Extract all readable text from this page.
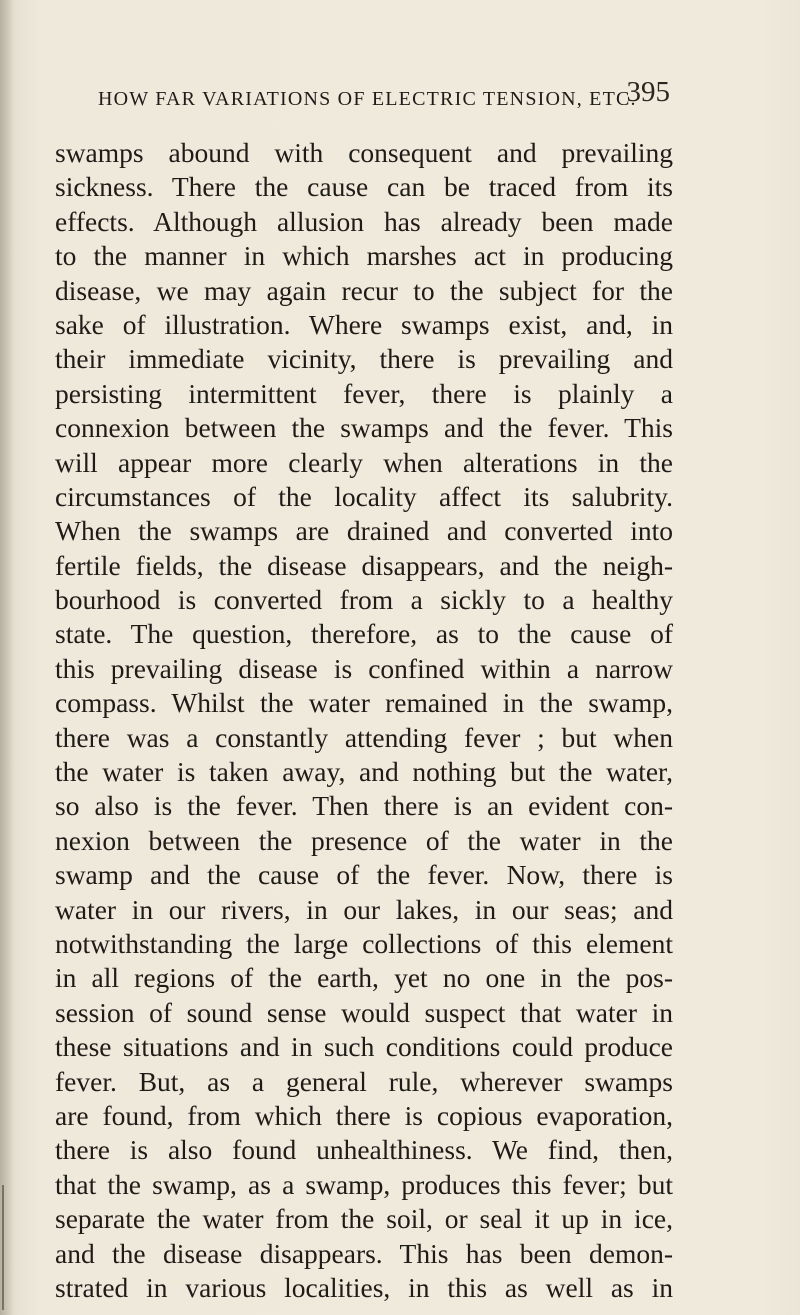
HOW FAR VARIATIONS OF ELECTRIC TENSION, ETC.
395
swamps abound with consequent and prevailing
sickness. There the cause can be traced from its
effects. Although allusion has already been made
to the manner in which marshes act in producing
disease, we may again recur to the subject for the
sake of illustration. Where swamps exist, and, in
their immediate vicinity, there is prevailing and
persisting intermittent fever, there is plainly a
connexion between the swamps and the fever. This
will appear more clearly when alterations in the
circumstances of the locality affect its salubrity.
When the swamps are drained and converted into
fertile fields, the disease disappears, and the neigh-
bourhood is converted from a sickly to a healthy
state. The question, therefore, as to the cause of
this prevailing disease is confined within a narrow
compass. Whilst the water remained in the swamp,
there was a constantly attending fever ; but when
the water is taken away, and nothing but the water,
so also is the fever. Then there is an evident con-
nexion between the presence of the water in the
swamp and the cause of the fever. Now, there is
water in our rivers, in our lakes, in our seas; and
notwithstanding the large collections of this element
in all regions of the earth, yet no one in the pos-
session of sound sense would suspect that water in
these situations and in such conditions could produce
fever. But, as a general rule, wherever swamps
are found, from which there is copious evaporation,
there is also found unhealthiness. We find, then,
that the swamp, as a swamp, produces this fever; but
separate the water from the soil, or seal it up in ice,
and the disease disappears. This has been demon-
strated in various localities, in this as well as in
